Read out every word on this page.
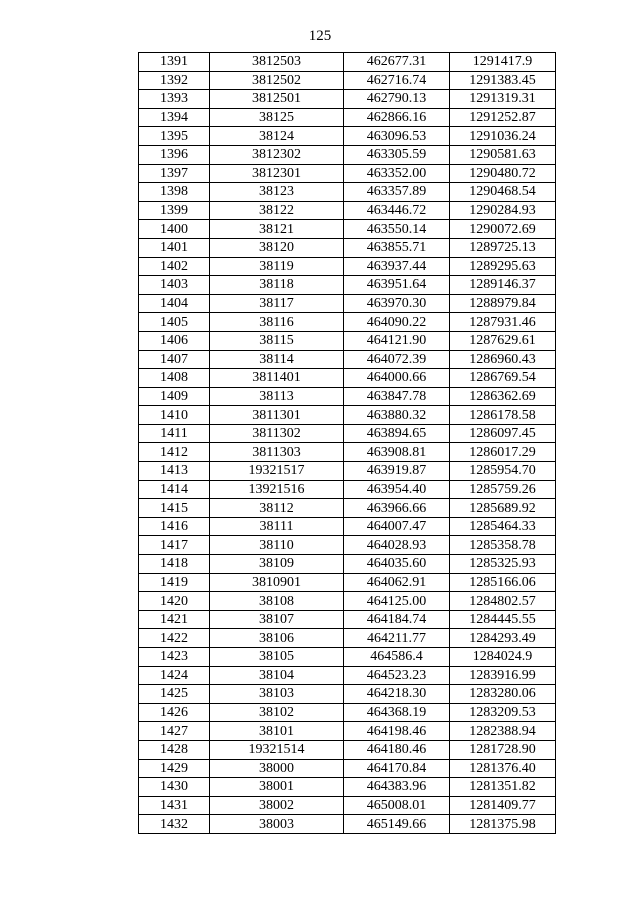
125
1391	3812503	462677.31	1291417.9
1392	3812502	462716.74	1291383.45
1393	3812501	462790.13	1291319.31
1394	38125	462866.16	1291252.87
1395	38124	463096.53	1291036.24
1396	3812302	463305.59	1290581.63
1397	3812301	463352.00	1290480.72
1398	38123	463357.89	1290468.54
1399	38122	463446.72	1290284.93
1400	38121	463550.14	1290072.69
1401	38120	463855.71	1289725.13
1402	38119	463937.44	1289295.63
1403	38118	463951.64	1289146.37
1404	38117	463970.30	1288979.84
1405	38116	464090.22	1287931.46
1406	38115	464121.90	1287629.61
1407	38114	464072.39	1286960.43
1408	3811401	464000.66	1286769.54
1409	38113	463847.78	1286362.69
1410	3811301	463880.32	1286178.58
1411	3811302	463894.65	1286097.45
1412	3811303	463908.81	1286017.29
1413	19321517	463919.87	1285954.70
1414	13921516	463954.40	1285759.26
1415	38112	463966.66	1285689.92
1416	38111	464007.47	1285464.33
1417	38110	464028.93	1285358.78
1418	38109	464035.60	1285325.93
1419	3810901	464062.91	1285166.06
1420	38108	464125.00	1284802.57
1421	38107	464184.74	1284445.55
1422	38106	464211.77	1284293.49
1423	38105	464586.4	1284024.9
1424	38104	464523.23	1283916.99
1425	38103	464218.30	1283280.06
1426	38102	464368.19	1283209.53
1427	38101	464198.46	1282388.94
1428	19321514	464180.46	1281728.90
1429	38000	464170.84	1281376.40
1430	38001	464383.96	1281351.82
1431	38002	465008.01	1281409.77
1432	38003	465149.66	1281375.98
